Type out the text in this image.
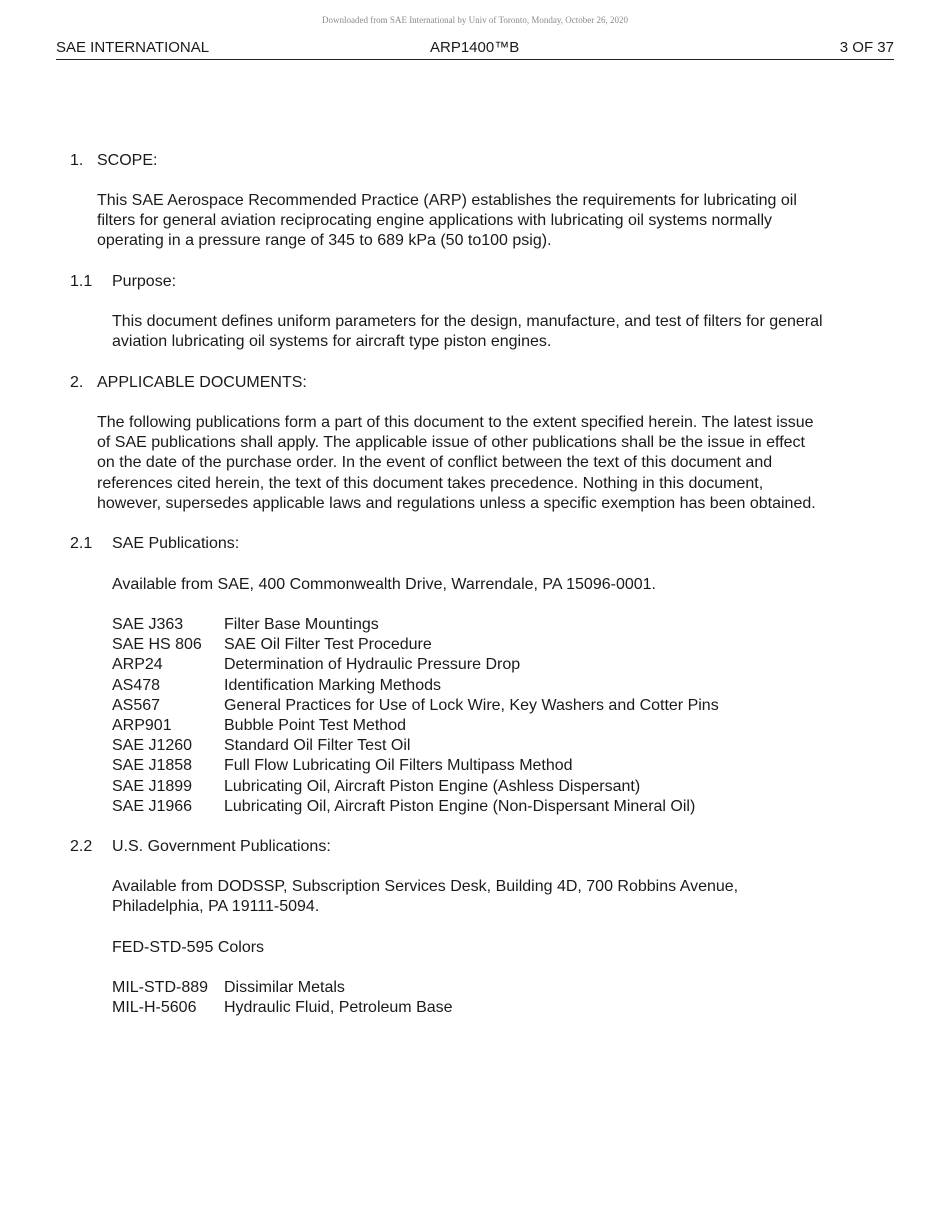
Downloaded from SAE International by Univ of Toronto, Monday, October 26, 2020
SAE INTERNATIONAL	ARP1400™B	3 OF 37
1. SCOPE:
This SAE Aerospace Recommended Practice (ARP) establishes the requirements for lubricating oil
filters for general aviation reciprocating engine applications with lubricating oil systems normally
operating in a pressure range of 345 to 689 kPa (50 to100 psig).
1.1 Purpose:
This document defines uniform parameters for the design, manufacture, and test of filters for general
aviation lubricating oil systems for aircraft type piston engines.
2. APPLICABLE DOCUMENTS:
The following publications form a part of this document to the extent specified herein. The latest issue
of SAE publications shall apply. The applicable issue of other publications shall be the issue in effect
on the date of the purchase order. In the event of conflict between the text of this document and
references cited herein, the text of this document takes precedence. Nothing in this document,
however, supersedes applicable laws and regulations unless a specific exemption has been obtained.
2.1 SAE Publications:
Available from SAE, 400 Commonwealth Drive, Warrendale, PA 15096-0001.
SAE J363	Filter Base Mountings
SAE HS 806 SAE Oil Filter Test Procedure
ARP24	Determination of Hydraulic Pressure Drop
AS478	Identification Marking Methods
AS567	General Practices for Use of Lock Wire, Key Washers and Cotter Pins
ARP901	Bubble Point Test Method
SAE J1260 Standard Oil Filter Test Oil
SAE J1858 Full Flow Lubricating Oil Filters Multipass Method
SAE J1899 Lubricating Oil, Aircraft Piston Engine (Ashless Dispersant)
SAE J1966 Lubricating Oil, Aircraft Piston Engine (Non-Dispersant Mineral Oil)
2.2 U.S. Government Publications:
Available from DODSSP, Subscription Services Desk, Building 4D, 700 Robbins Avenue,
Philadelphia, PA 19111-5094.
FED-STD-595 Colors
MIL-STD-889 Dissimilar Metals
MIL-H-5606 Hydraulic Fluid, Petroleum Base
